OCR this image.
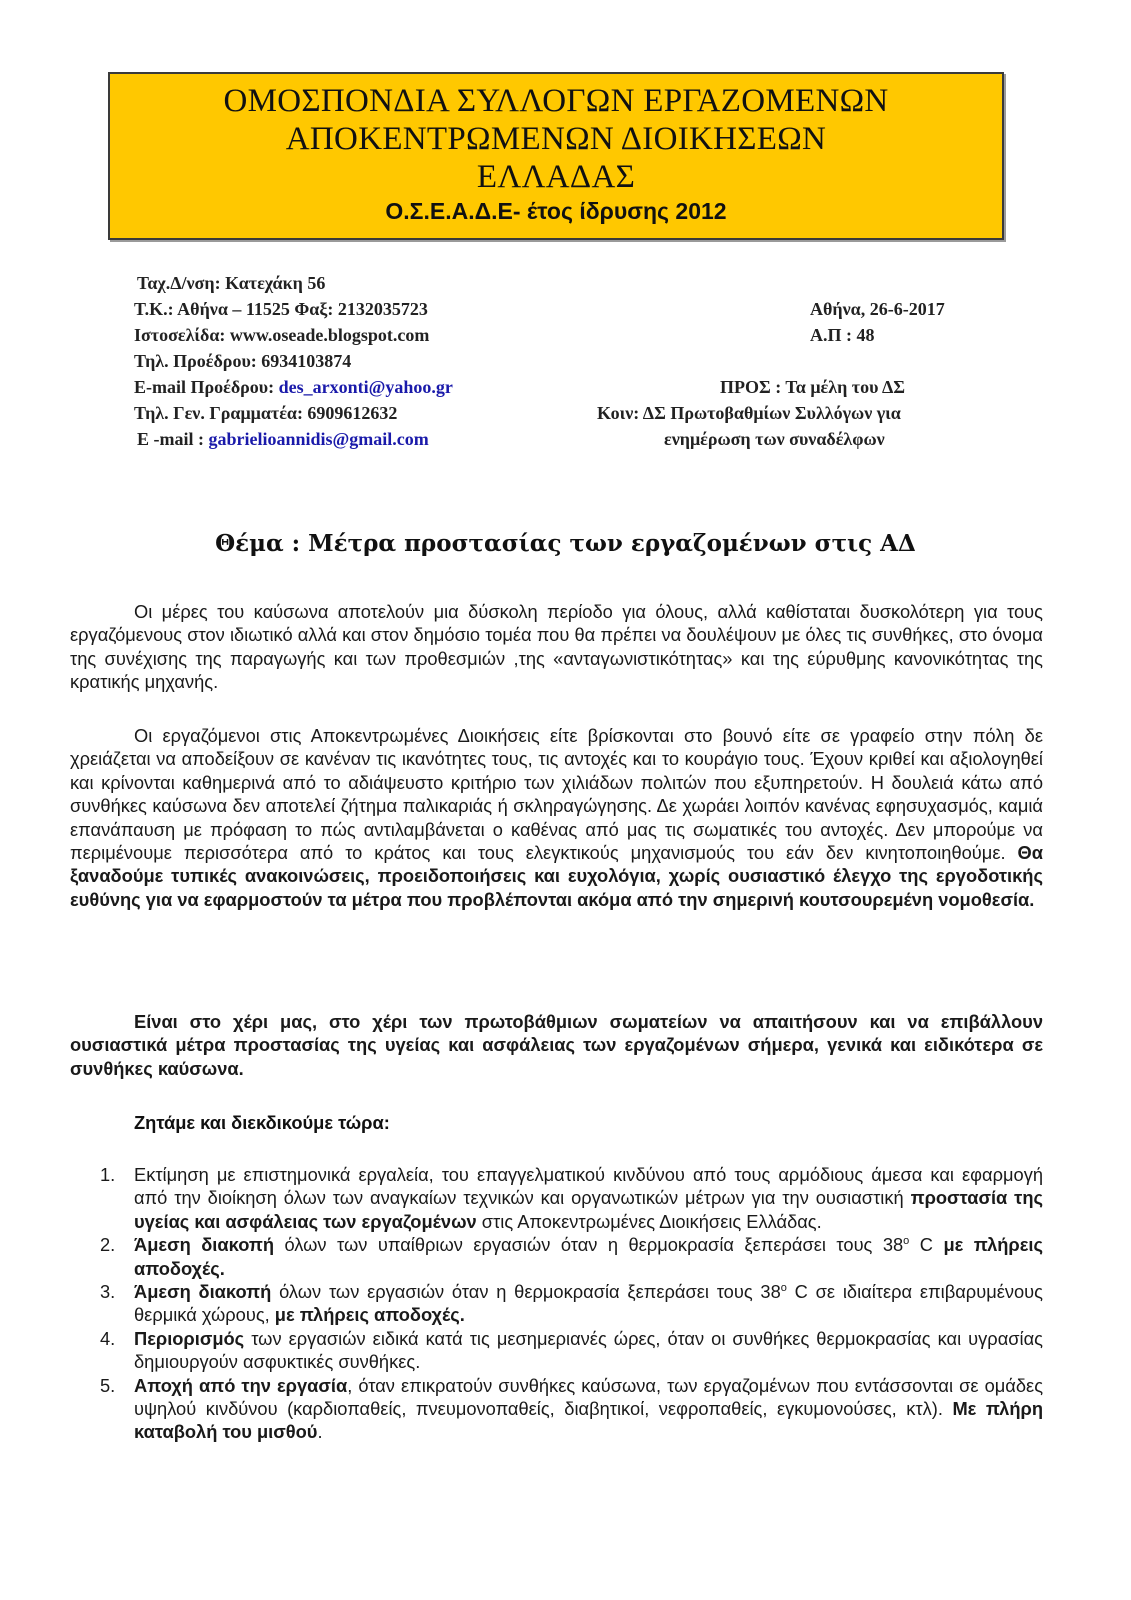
ΟΜΟΣΠΟΝΔΙΑ ΣΥΛΛΟΓΩΝ ΕΡΓΑΖΟΜΕΝΩΝ
ΑΠΟΚΕΝΤΡΩΜΕΝΩΝ ΔΙΟΙΚΗΣΕΩΝ
ΕΛΛΑΔΑΣ
Ο.Σ.Ε.Α.Δ.Ε- έτος ίδρυσης 2012
Ταχ.Δ/νση: Κατεχάκη 56
Τ.Κ.: Αθήνα – 11525 Φαξ: 2132035723
Ιστοσελίδα: www.oseade.blogspot.com
Τηλ. Προέδρου: 6934103874
E-mail Προέδρου: des_arxonti@yahoo.gr
Τηλ. Γεν. Γραμματέα: 6909612632
E -mail : gabrielioannidis@gmail.com
Αθήνα, 26-6-2017
Α.Π : 48
ΠΡΟΣ : Τα μέλη του ΔΣ
Κοιν: ΔΣ Πρωτοβαθμίων Συλλόγων για
ενημέρωση των συναδέλφων
Θέμα : Μέτρα προστασίας των εργαζομένων στις ΑΔ

Οι μέρες του καύσωνα αποτελούν μια δύσκολη περίοδο για όλους, αλλά καθίσταται δυσκολότερη για τους εργαζόμενους στον ιδιωτικό αλλά και στον δημόσιο τομέα που θα πρέπει να δουλέψουν με όλες τις συνθήκες, στο όνομα της συνέχισης της παραγωγής και των προθεσμιών ,της «ανταγωνιστικότητας» και της εύρυθμης κανονικότητας της κρατικής μηχανής.

Οι εργαζόμενοι στις Αποκεντρωμένες Διοικήσεις είτε βρίσκονται στο βουνό είτε σε γραφείο στην πόλη δε χρειάζεται να αποδείξουν σε κανέναν τις ικανότητες τους, τις αντοχές και το κουράγιο τους. Έχουν κριθεί και αξιολογηθεί και κρίνονται καθημερινά από το αδιάψευστο κριτήριο των χιλιάδων πολιτών που εξυπηρετούν. Η δουλειά κάτω από συνθήκες καύσωνα δεν αποτελεί ζήτημα παλικαριάς ή σκληραγώγησης. Δε χωράει λοιπόν κανένας εφησυχασμός, καμιά επανάπαυση με πρόφαση το πώς αντιλαμβάνεται ο καθένας από μας τις σωματικές του αντοχές. Δεν μπορούμε να περιμένουμε περισσότερα από το κράτος και τους ελεγκτικούς μηχανισμούς του εάν δεν κινητοποιηθούμε. Θα ξαναδούμε τυπικές ανακοινώσεις, προειδοποιήσεις και ευχολόγια, χωρίς ουσιαστικό έλεγχο της εργοδοτικής ευθύνης για να εφαρμοστούν τα μέτρα που προβλέπονται ακόμα από την σημερινή κουτσουρεμένη νομοθεσία.

Είναι στο χέρι μας, στο χέρι των πρωτοβάθμιων σωματείων να απαιτήσουν και να επιβάλλουν ουσιαστικά μέτρα προστασίας της υγείας και ασφάλειας των εργαζομένων σήμερα, γενικά και ειδικότερα σε συνθήκες καύσωνα.

Ζητάμε και διεκδικούμε τώρα:
1.	Εκτίμηση με επιστημονικά εργαλεία, του επαγγελματικού κινδύνου από τους αρμόδιους άμεσα και εφαρμογή από την διοίκηση όλων των αναγκαίων τεχνικών και οργανωτικών μέτρων για την ουσιαστική προστασία της υγείας και ασφάλειας των εργαζομένων στις Αποκεντρωμένες Διοικήσεις Ελλάδας.
2.	Άμεση διακοπή όλων των υπαίθριων εργασιών όταν η θερμοκρασία ξεπεράσει τους $38^o$ C με πλήρεις αποδοχές.
3.	Άμεση διακοπή όλων των εργασιών όταν η θερμοκρασία ξεπεράσει τους $38^o$ C σε ιδιαίτερα επιβαρυμένους θερμικά χώρους, με πλήρεις αποδοχές.
4.	Περιορισμός των εργασιών ειδικά κατά τις μεσημεριανές ώρες, όταν οι συνθήκες θερμοκρασίας και υγρασίας δημιουργούν ασφυκτικές συνθήκες.
5.	Αποχή από την εργασία, όταν επικρατούν συνθήκες καύσωνα, των εργαζομένων που εντάσσονται σε ομάδες υψηλού κινδύνου (καρδιοπαθείς, πνευμονοπαθείς, διαβητικοί, νεφροπαθείς, εγκυμονούσες, κτλ). Με πλήρη καταβολή του μισθού.
